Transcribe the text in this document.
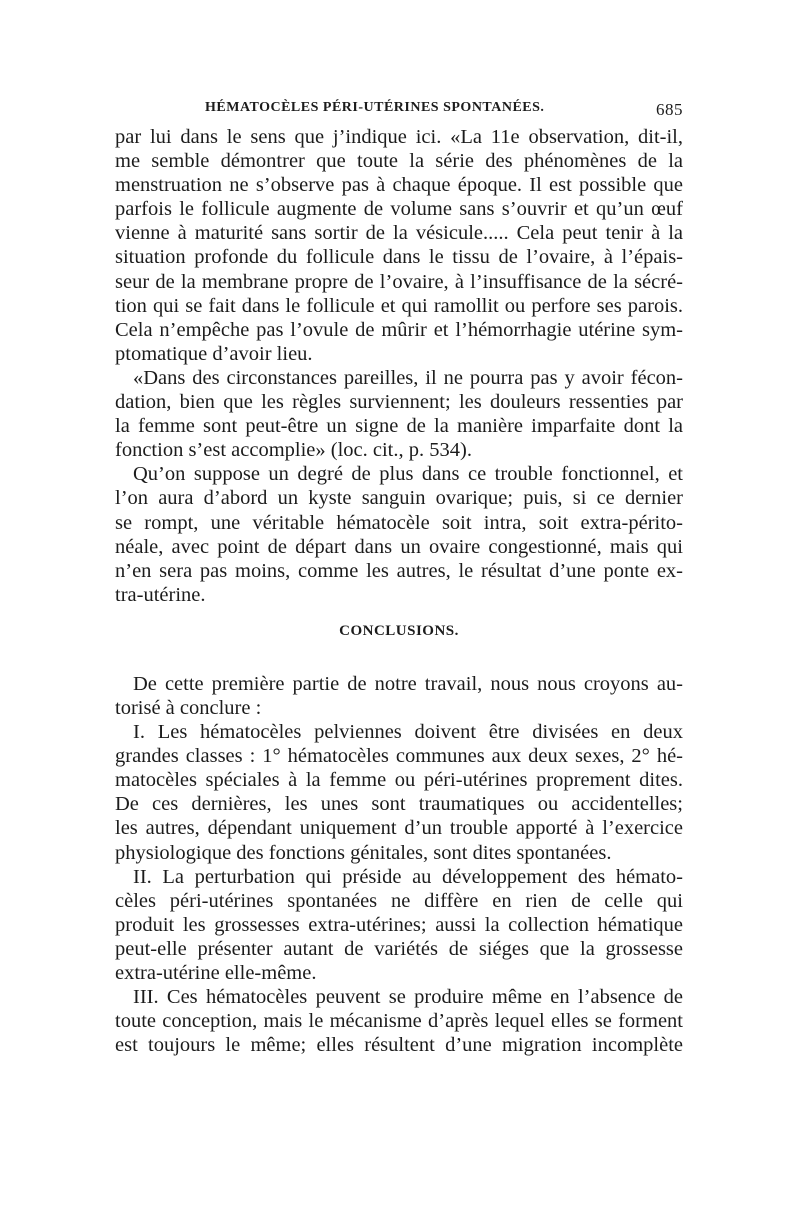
HÉMATOCÈLES PÉRI-UTÉRINES SPONTANÉES.	685
par lui dans le sens que j’indique ici. «La 11e observation, dit-il,
me semble démontrer que toute la série des phénomènes de la
menstruation ne s’observe pas à chaque époque. Il est possible que
parfois le follicule augmente de volume sans s’ouvrir et qu’un œuf
vienne à maturité sans sortir de la vésicule..... Cela peut tenir à la
situation profonde du follicule dans le tissu de l’ovaire, à l’épais-
seur de la membrane propre de l’ovaire, à l’insuffisance de la sécré-
tion qui se fait dans le follicule et qui ramollit ou perfore ses parois.
Cela n’empêche pas l’ovule de mûrir et l’hémorrhagie utérine sym-
ptomatique d’avoir lieu.
«Dans des circonstances pareilles, il ne pourra pas y avoir fécon-
dation, bien que les règles surviennent; les douleurs ressenties par
la femme sont peut-être un signe de la manière imparfaite dont la
fonction s’est accomplie» (loc. cit., p. 534).
Qu’on suppose un degré de plus dans ce trouble fonctionnel, et
l’on aura d’abord un kyste sanguin ovarique; puis, si ce dernier
se rompt, une véritable hématocèle soit intra, soit extra-périto-
néale, avec point de départ dans un ovaire congestionné, mais qui
n’en sera pas moins, comme les autres, le résultat d’une ponte ex-
tra-utérine.
CONCLUSIONS.
De cette première partie de notre travail, nous nous croyons au-
torisé à conclure :
I. Les hématocèles pelviennes doivent être divisées en deux
grandes classes : 1° hématocèles communes aux deux sexes, 2° hé-
matocèles spéciales à la femme ou péri-utérines proprement dites.
De ces dernières, les unes sont traumatiques ou accidentelles;
les autres, dépendant uniquement d’un trouble apporté à l’exercice
physiologique des fonctions génitales, sont dites spontanées.
II. La perturbation qui préside au développement des hémato-
cèles péri-utérines spontanées ne diffère en rien de celle qui
produit les grossesses extra-utérines; aussi la collection hématique
peut-elle présenter autant de variétés de siéges que la grossesse
extra-utérine elle-même.
III. Ces hématocèles peuvent se produire même en l’absence de
toute conception, mais le mécanisme d’après lequel elles se forment
est toujours le même; elles résultent d’une migration incomplète
